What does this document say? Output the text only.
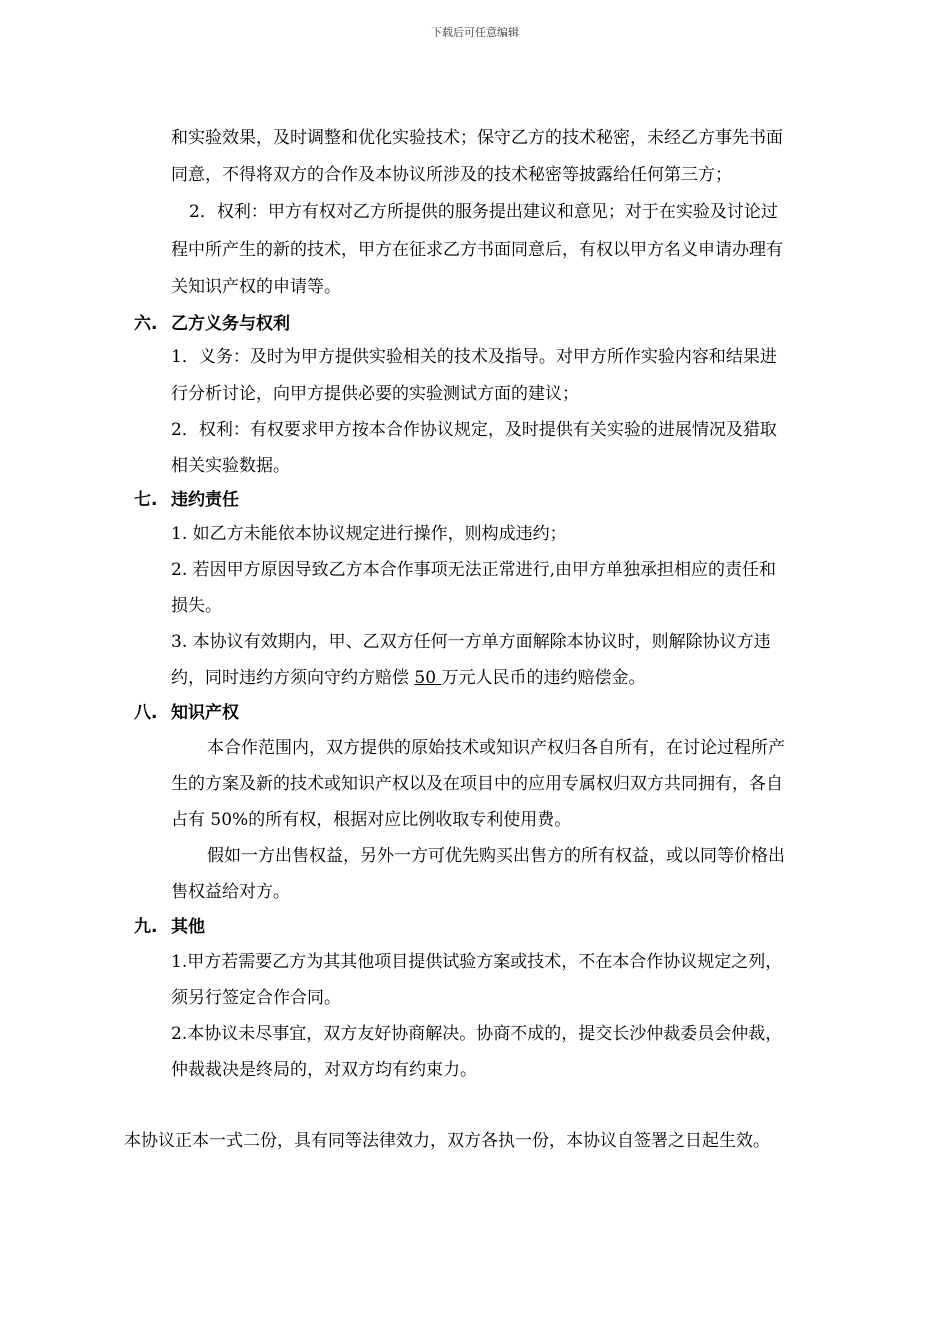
下载后可任意编辑
和实验效果，及时调整和优化实验技术；保守乙方的技术秘密，未经乙方事先书面
同意，不得将双方的合作及本协议所涉及的技术秘密等披露给任何第三方；
2．权利：甲方有权对乙方所提供的服务提出建议和意见；对于在实验及讨论过
程中所产生的新的技术，甲方在征求乙方书面同意后，有权以甲方名义申请办理有
关知识产权的申请等。
六. 乙方义务与权利
1．义务：及时为甲方提供实验相关的技术及指导。对甲方所作实验内容和结果进
行分析讨论，向甲方提供必要的实验测试方面的建议；
2．权利：有权要求甲方按本合作协议规定，及时提供有关实验的进展情况及猎取
相关实验数据。
七. 违约责任
1. 如乙方未能依本协议规定进行操作，则构成违约；
2. 若因甲方原因导致乙方本合作事项无法正常进行,由甲方单独承担相应的责任和
损失。
3. 本协议有效期内，甲、乙双方任何一方单方面解除本协议时，则解除协议方违
约，同时违约方须向守约方赔偿 50 万元人民币的违约赔偿金。
八. 知识产权
本合作范围内，双方提供的原始技术或知识产权归各自所有，在讨论过程所产
生的方案及新的技术或知识产权以及在项目中的应用专属权归双方共同拥有，各自
占有 50%的所有权，根据对应比例收取专利使用费。
假如一方出售权益，另外一方可优先购买出售方的所有权益，或以同等价格出
售权益给对方。
九. 其他
1.甲方若需要乙方为其其他项目提供试验方案或技术，不在本合作协议规定之列，
须另行签定合作合同。
2.本协议未尽事宜，双方友好协商解决。协商不成的，提交长沙仲裁委员会仲裁，
仲裁裁决是终局的，对双方均有约束力。
本协议正本一式二份，具有同等法律效力，双方各执一份，本协议自签署之日起生效。
